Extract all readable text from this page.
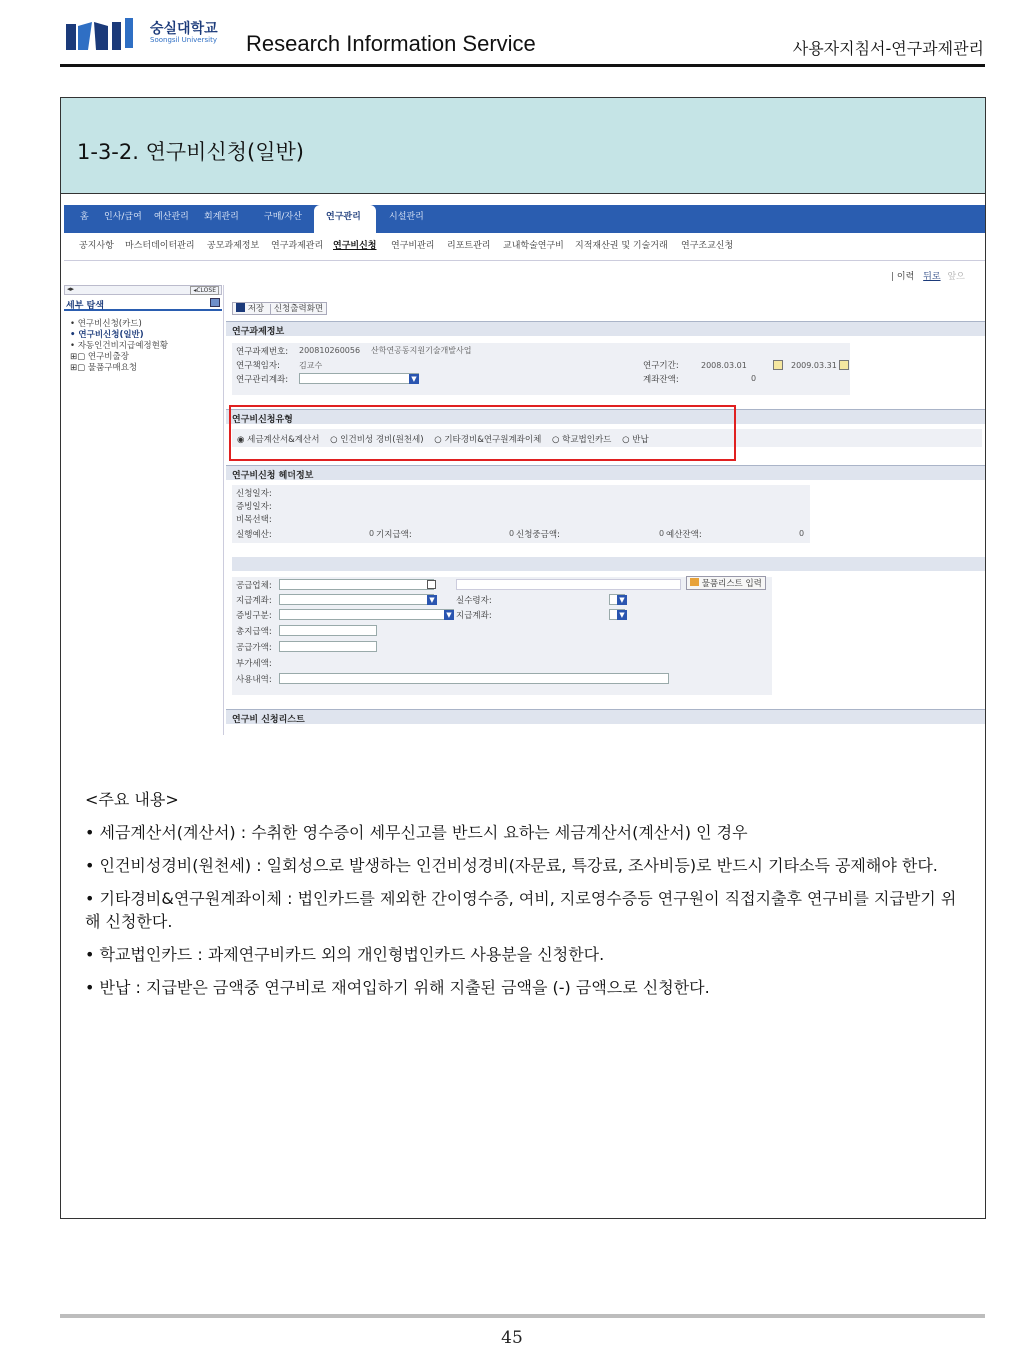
숭실대학교
Soongsil University Research Information Service	사용자지침서-연구과제관리
1-3-2. 연구비신청(일반)
홈 인사/급여 예산관리 회계관리	구매/자산	연구관리	시설관리
공지사항 마스터데이터관리 공모과제정보 연구과제관리 연구비신청 연구비관리 리포트관리 교내학술연구비 지적재산권 및 기술거래 연구조교신청
| 이력 뒤로 앞으
◂▸	◂CLOSE
세부 탐색
• 연구비신청(카드)
• 연구비신청(일반)
• 자동인건비지급예정현황
⊞▢ 연구비출장
⊞▢ 물품구매요청
저장 신청출력화면
연구과제정보
연구과제번호: 200810260056 산학연공동지원기술개발사업
연구책임자: 김교수	연구기간:	2008.03.01	2009.03.31
연구관리계좌:	▼	계좌잔액:	0
연구비신청유형
◉ 세금계산서&계산서 ○ 인건비성 경비(원천세) ○ 기타경비&연구원계좌이체 ○ 학교법인카드 ○ 반납
연구비신청 헤더정보
신청일자:
증빙일자:
비목선택:
실행예산:	0 기지급액:	0 신청중금액:	0 예산잔액:	0
공급업체:	물품리스트 입력
지급계좌:	▼	실수령자:	▼
증빙구분:	▼ 지급계좌:	▼
총지급액:
공급가액:
부가세액:
사용내역:
연구비 신청리스트

<주요 내용>

• 세금계산서(계산서) : 수취한 영수증이 세무신고를 반드시 요하는 세금계산서(계산서) 인 경우

• 인건비성경비(원천세) : 일회성으로 발생하는 인건비성경비(자문료, 특강료, 조사비등)로 반드시 기타소득 공제해야 한다.

• 기타경비&연구원계좌이체 : 법인카드를 제외한 간이영수증, 여비, 지로영수증등 연구원이 직접지출후 연구비를 지급받기 위해 신청한다.

• 학교법인카드 : 과제연구비카드 외의 개인형법인카드 사용분을 신청한다.

• 반납 : 지급받은 금액중 연구비로 재여입하기 위해 지출된 금액을 (-) 금액으로 신청한다.

45
